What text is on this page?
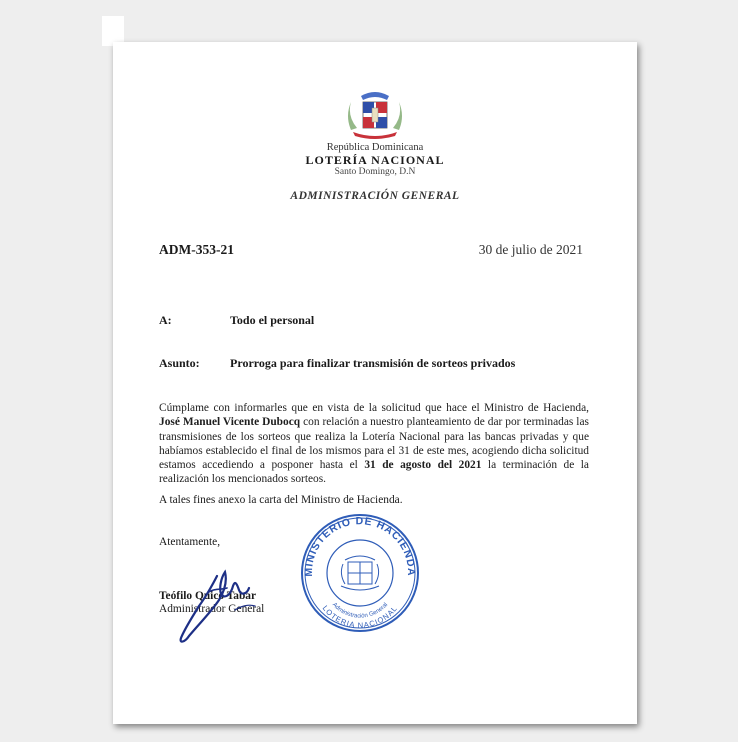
República Dominicana
LOTERÍA NACIONAL
Santo Domingo, D.N
ADMINISTRACIÓN GENERAL
ADM-353-21	30 de julio de 2021
A:	Todo el personal
Asunto:	Prorroga para finalizar transmisión de sorteos privados
Cúmplame con informarles que en vista de la solicitud que hace el Ministro de Hacienda, José Manuel Vicente Dubocq con relación a nuestro planteamiento de dar por terminadas las transmisiones de los sorteos que realiza la Lotería Nacional para las bancas privadas y que habíamos establecido el final de los mismos para el 31 de este mes, acogiendo dicha solicitud estamos accediendo a posponer hasta el 31 de agosto del 2021 la terminación de la realización los mencionados sorteos.
A tales fines anexo la carta del Ministro de Hacienda.
Atentamente,
Teófilo Quico Tabar
Administrador General
MINISTERIO DE HACIENDA
Administración General
LOTERIA NACIONAL
